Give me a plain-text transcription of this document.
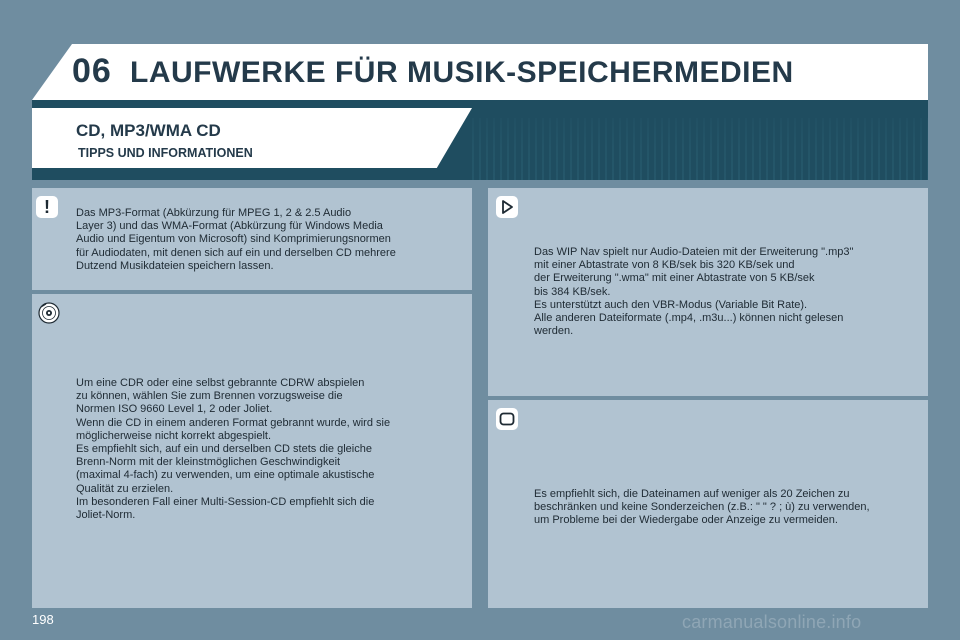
06 LAUFWERKE FÜR MUSIK-SPEICHERMEDIEN
CD, MP3/WMA CD
TIPPS UND INFORMATIONEN
! Das MP3-Format (Abkürzung für MPEG 1, 2 & 2.5 Audio
Layer 3) und das WMA-Format (Abkürzung für Windows Media
Audio und Eigentum von Microsoft) sind Komprimierungsnormen
für Audiodaten, mit denen sich auf ein und derselben CD mehrere
Dutzend Musikdateien speichern lassen.
Um eine CDR oder eine selbst gebrannte CDRW abspielen
zu können, wählen Sie zum Brennen vorzugsweise die
Normen ISO 9660 Level 1, 2 oder Joliet.
Wenn die CD in einem anderen Format gebrannt wurde, wird sie
möglicherweise nicht korrekt abgespielt.
Es empfiehlt sich, auf ein und derselben CD stets die gleiche
Brenn-Norm mit der kleinstmöglichen Geschwindigkeit
(maximal 4-fach) zu verwenden, um eine optimale akustische
Qualität zu erzielen.
Im besonderen Fall einer Multi-Session-CD empfiehlt sich die
Joliet-Norm.
Das WIP Nav spielt nur Audio-Dateien mit der Erweiterung ".mp3"
mit einer Abtastrate von 8 KB/sek bis 320 KB/sek und
der Erweiterung ".wma" mit einer Abtastrate von 5 KB/sek
bis 384 KB/sek.
Es unterstützt auch den VBR-Modus (Variable Bit Rate).
Alle anderen Dateiformate (.mp4, .m3u...) können nicht gelesen
werden.
Es empfiehlt sich, die Dateinamen auf weniger als 20 Zeichen zu
beschränken und keine Sonderzeichen (z.B.: " " ? ; ù) zu verwenden,
um Probleme bei der Wiedergabe oder Anzeige zu vermeiden.
198	carmanualsonline.info
